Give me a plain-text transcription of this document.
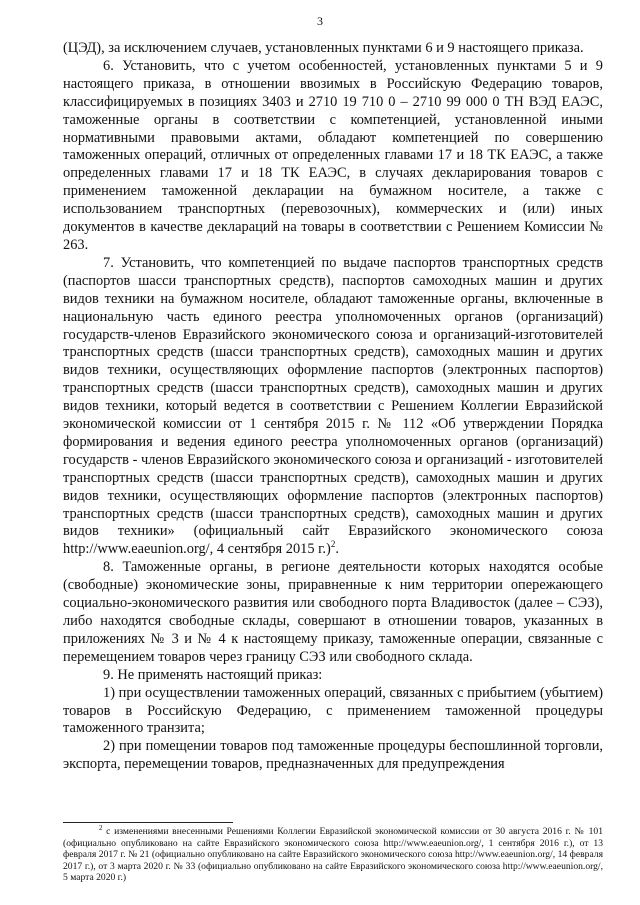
3

(ЦЭД), за исключением случаев, установленных пунктами 6 и 9 настоящего приказа.

6. Установить, что с учетом особенностей, установленных пунктами 5 и 9 настоящего приказа, в отношении ввозимых в Российскую Федерацию товаров, классифицируемых в позициях 3403 и 2710 19 710 0 – 2710 99 000 0 ТН ВЭД ЕАЭС, таможенные органы в соответствии с компетенцией, установленной иными нормативными правовыми актами, обладают компетенцией по совершению таможенных операций, отличных от определенных главами 17 и 18 ТК ЕАЭС, а также определенных главами 17 и 18 ТК ЕАЭС, в случаях декларирования товаров с применением таможенной декларации на бумажном носителе, а также с использованием транспортных (перевозочных), коммерческих и (или) иных документов в качестве деклараций на товары в соответствии с Решением Комиссии № 263.

7. Установить, что компетенцией по выдаче паспортов транспортных средств (паспортов шасси транспортных средств), паспортов самоходных машин и других видов техники на бумажном носителе, обладают таможенные органы, включенные в национальную часть единого реестра уполномоченных органов (организаций) государств-членов Евразийского экономического союза и организаций-изготовителей транспортных средств (шасси транспортных средств), самоходных машин и других видов техники, осуществляющих оформление паспортов (электронных паспортов) транспортных средств (шасси транспортных средств), самоходных машин и других видов техники, который ведется в соответствии с Решением Коллегии Евразийской экономической комиссии от 1 сентября 2015 г. № 112 «Об утверждении Порядка формирования и ведения единого реестра уполномоченных органов (организаций) государств - членов Евразийского экономического союза и организаций - изготовителей транспортных средств (шасси транспортных средств), самоходных машин и других видов техники, осуществляющих оформление паспортов (электронных паспортов) транспортных средств (шасси транспортных средств), самоходных машин и других видов техники» (официальный сайт Евразийского экономического союза http://www.eaeunion.org/, 4 сентября 2015 г.)$^2$.

8. Таможенные органы, в регионе деятельности которых находятся особые (свободные) экономические зоны, приравненные к ним территории опережающего социально-экономического развития или свободного порта Владивосток (далее – СЭЗ), либо находятся свободные склады, совершают в отношении товаров, указанных в приложениях № 3 и № 4 к настоящему приказу, таможенные операции, связанные с перемещением товаров через границу СЭЗ или свободного склада.

9. Не применять настоящий приказ:

1) при осуществлении таможенных операций, связанных с прибытием (убытием) товаров в Российскую Федерацию, с применением таможенной процедуры таможенного транзита;

2) при помещении товаров под таможенные процедуры беспошлинной торговли, экспорта, перемещении товаров, предназначенных для предупреждения

$^2$ с изменениями внесенными Решениями Коллегии Евразийской экономической комиссии от 30 августа 2016 г. № 101 (официально опубликовано на сайте Евразийского экономического союза http://www.eaeunion.org/, 1 сентября 2016 г.), от 13 февраля 2017 г. № 21 (официально опубликовано на сайте Евразийского экономического союза http://www.eaeunion.org/, 14 февраля 2017 г.), от 3 марта 2020 г. № 33 (официально опубликовано на сайте Евразийского экономического союза http://www.eaeunion.org/, 5 марта 2020 г.)
